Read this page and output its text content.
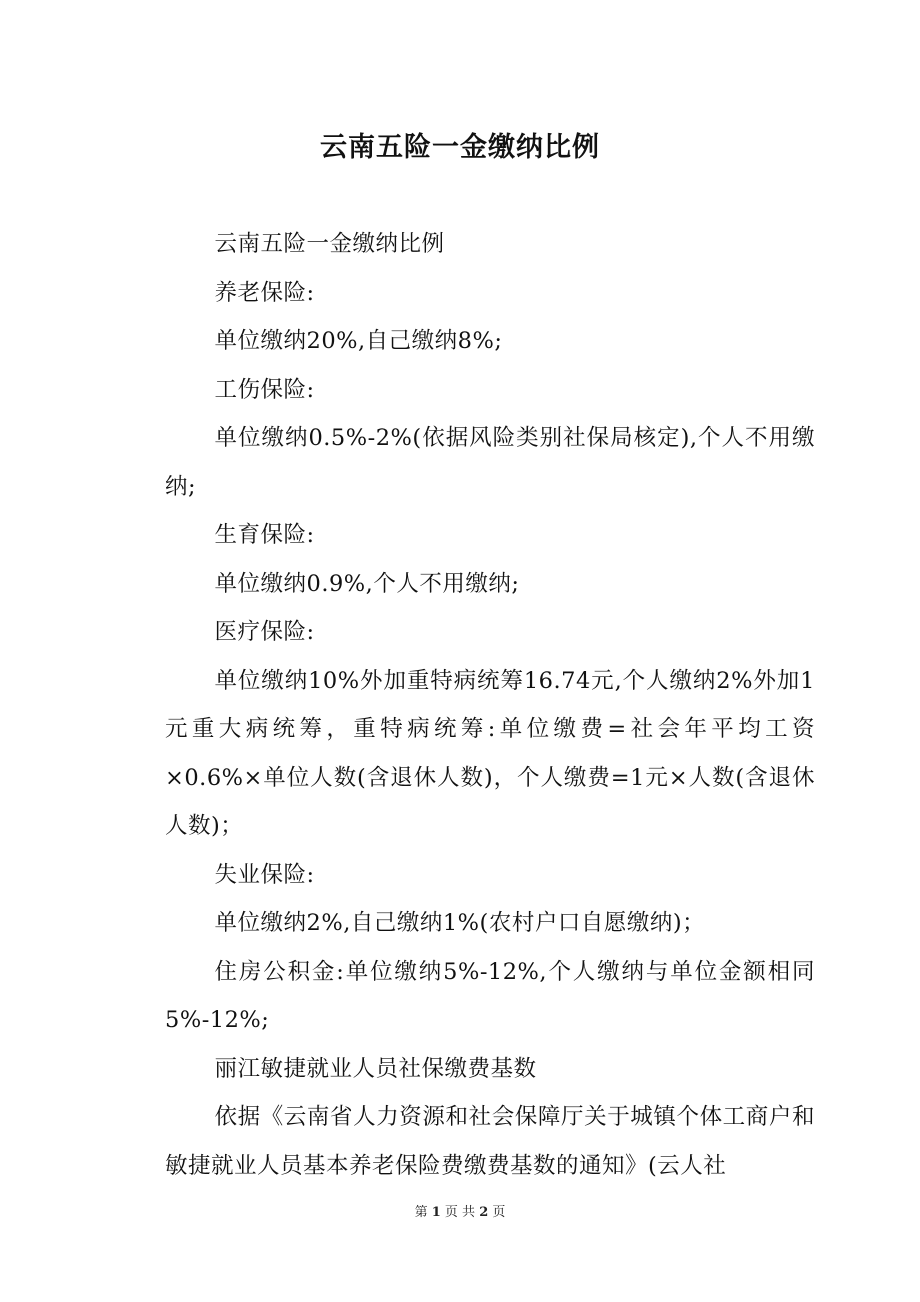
云南五险一金缴纳比例

云南五险一金缴纳比例

养老保险:

单位缴纳20%,自己缴纳8%;

工伤保险:

单位缴纳0.5%-2%(依据风险类别社保局核定),个人不用缴纳;

生育保险:

单位缴纳0.9%,个人不用缴纳;

医疗保险:

单位缴纳10%外加重特病统筹16.74元,个人缴纳2%外加1元重大病统筹，重特病统筹:单位缴费=社会年平均工资×0.6%×单位人数(含退休人数)，个人缴费=1元×人数(含退休人数)；

失业保险:

单位缴纳2%,自己缴纳1%(农村户口自愿缴纳)；

住房公积金:单位缴纳5%-12%,个人缴纳与单位金额相同5%-12%;

丽江敏捷就业人员社保缴费基数

依据《云南省人力资源和社会保障厅关于城镇个体工商户和敏捷就业人员基本养老保险费缴费基数的通知》(云人社

第 1 页 共 2 页
